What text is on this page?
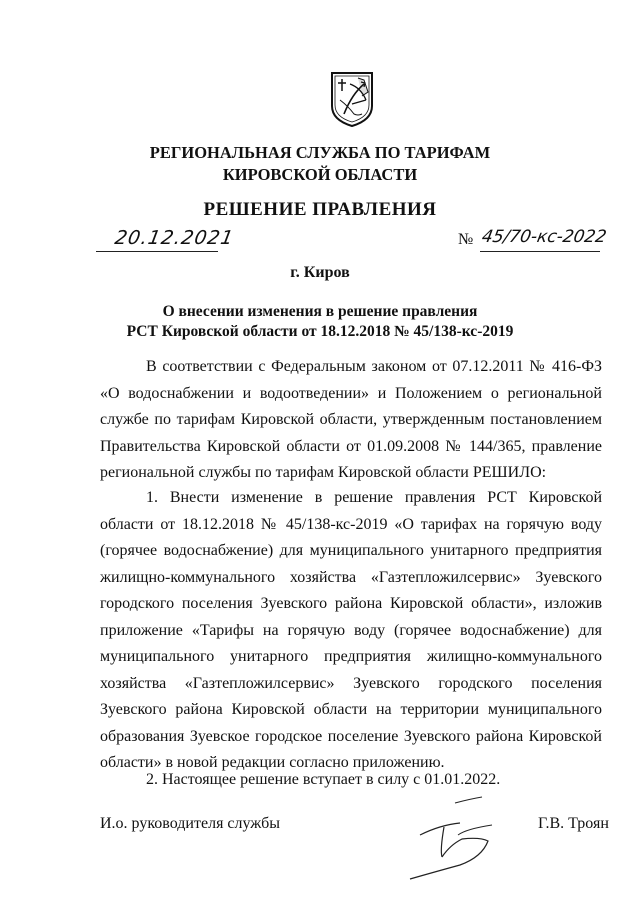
РЕГИОНАЛЬНАЯ СЛУЖБА ПО ТАРИФАМ
КИРОВСКОЙ ОБЛАСТИ
РЕШЕНИЕ ПРАВЛЕНИЯ
20.12.2021	№ 45/70-кс-2022
г. Киров
О внесении изменения в решение правления
РСТ Кировской области от 18.12.2018 № 45/138-кс-2019
В соответствии с Федеральным законом от 07.12.2011 № 416-ФЗ «О водоснабжении и водоотведении» и Положением о региональной службе по тарифам Кировской области, утвержденным постановлением Правительства Кировской области от 01.09.2008 № 144/365, правление региональной службы по тарифам Кировской области РЕШИЛО:
1. Внести изменение в решение правления РСТ Кировской области от 18.12.2018 № 45/138-кс-2019 «О тарифах на горячую воду (горячее водоснабжение) для муниципального унитарного предприятия жилищно-коммунального хозяйства «Газтепложилсервис» Зуевского городского поселения Зуевского района Кировской области», изложив приложение «Тарифы на горячую воду (горячее водоснабжение) для муниципального унитарного предприятия жилищно-коммунального хозяйства «Газтепложилсервис» Зуевского городского поселения Зуевского района Кировской области на территории муниципального образования Зуевское городское поселение Зуевского района Кировской области» в новой редакции согласно приложению.
2. Настоящее решение вступает в силу с 01.01.2022.
И.о. руководителя службы	Г.В. Троян
